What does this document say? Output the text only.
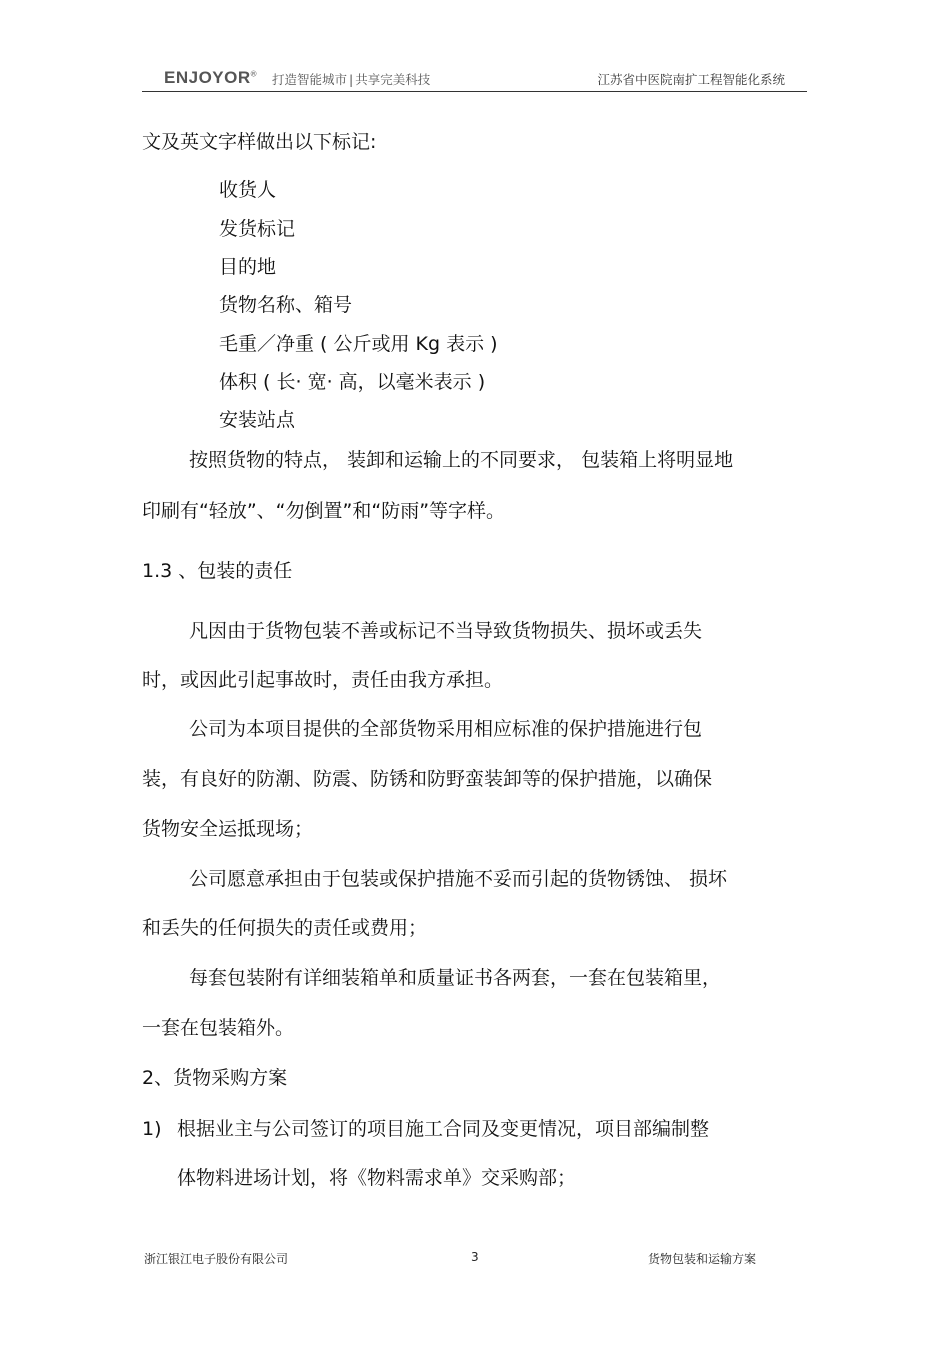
ENJOYOR® 打造智能城市 | 共享完美科技	江苏省中医院南扩工程智能化系统
文及英文字样做出以下标记:
收货人
发货标记
目的地
货物名称、箱号
毛重／净重 ( 公斤或用 Kg 表示 )
体积 ( 长· 宽· 高，以毫米表示 )
安装站点
按照货物的特点， 装卸和运输上的不同要求， 包装箱上将明显地
印刷有“轻放”、“勿倒置”和“防雨”等字样。
1.3 、包装的责任
凡因由于货物包装不善或标记不当导致货物损失、损坏或丢失
时，或因此引起事故时，责任由我方承担。
公司为本项目提供的全部货物采用相应标准的保护措施进行包
装，有良好的防潮、防震、防锈和防野蛮装卸等的保护措施，以确保
货物安全运抵现场；
公司愿意承担由于包装或保护措施不妥而引起的货物锈蚀、 损坏
和丢失的任何损失的责任或费用；
每套包装附有详细装箱单和质量证书各两套，一套在包装箱里，
一套在包装箱外。
2、货物采购方案
1) 根据业主与公司签订的项目施工合同及变更情况，项目部编制整
体物料进场计划，将《物料需求单》交采购部；
浙江银江电子股份有限公司	3	货物包装和运输方案
